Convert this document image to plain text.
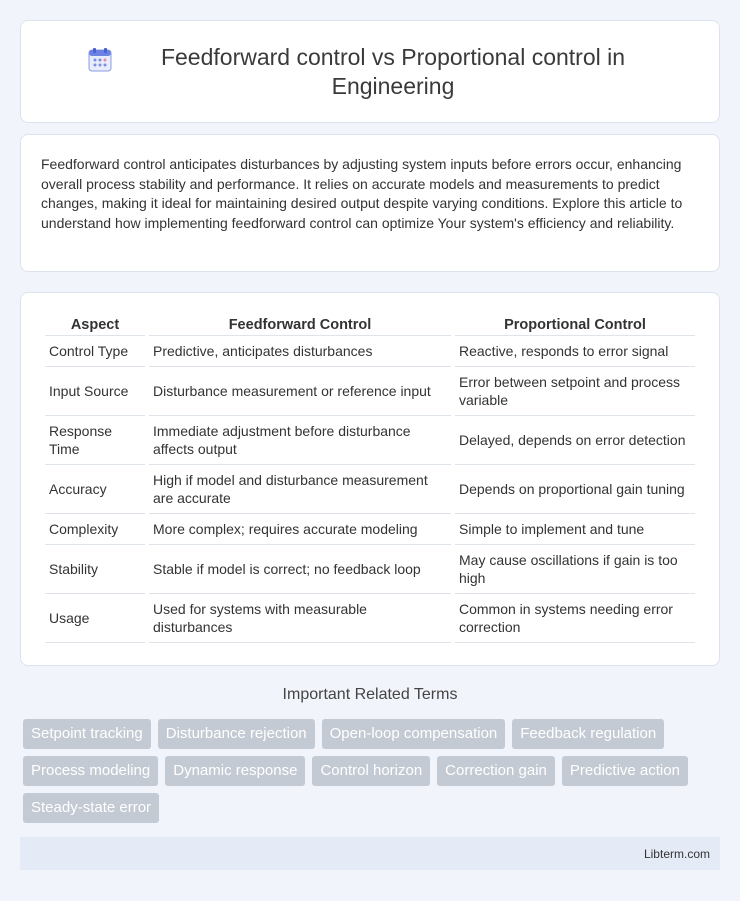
Feedforward control vs Proportional control in Engineering

Feedforward control anticipates disturbances by adjusting system inputs before errors occur, enhancing overall process stability and performance. It relies on accurate models and measurements to predict changes, making it ideal for maintaining desired output despite varying conditions. Explore this article to understand how implementing feedforward control can optimize Your system's efficiency and reliability.

Aspect	Feedforward Control	Proportional Control
Control Type	Predictive, anticipates disturbances	Reactive, responds to error signal
Input Source	Disturbance measurement or reference input	Error between setpoint and process variable
Response Time	Immediate adjustment before disturbance affects output	Delayed, depends on error detection
Accuracy	High if model and disturbance measurement are accurate	Depends on proportional gain tuning
Complexity	More complex; requires accurate modeling	Simple to implement and tune
Stability	Stable if model is correct; no feedback loop	May cause oscillations if gain is too high
Usage	Used for systems with measurable disturbances	Common in systems needing error correction
Important Related Terms
Setpoint tracking	Disturbance rejection	Open-loop compensation	Feedback regulation
Process modeling	Dynamic response	Control horizon	Correction gain	Predictive action
Steady-state error
Libterm.com
